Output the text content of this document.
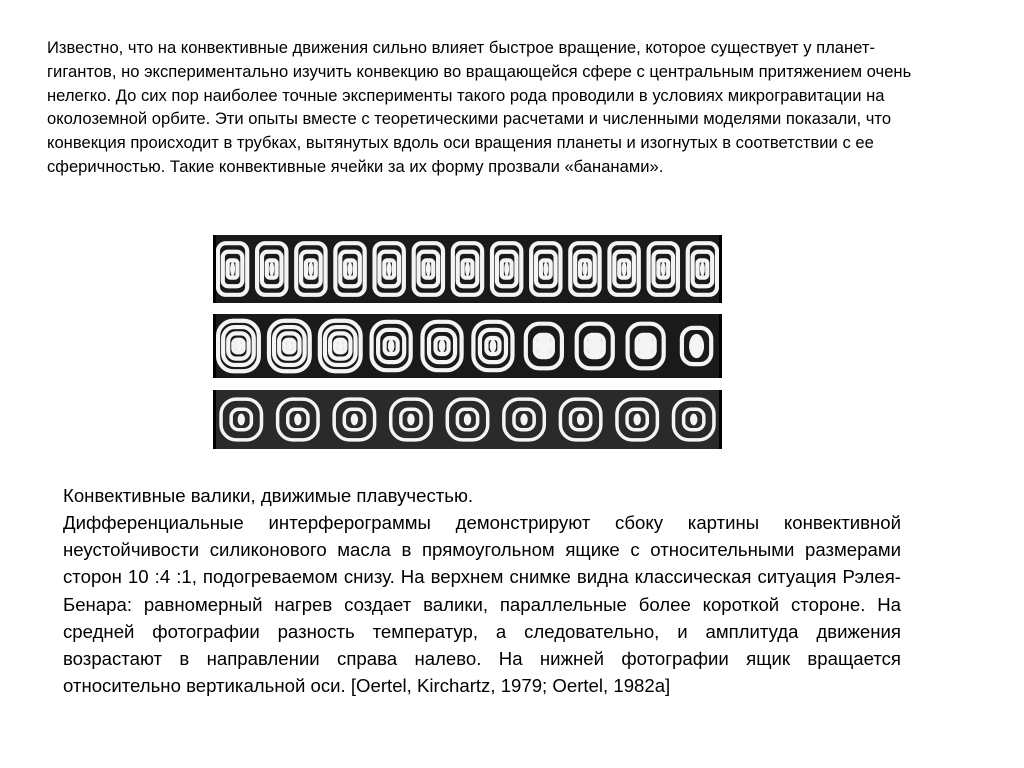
Известно, что на конвективные движения сильно влияет быстрое вращение, которое существует у планет-гигантов, но экспериментально изучить конвекцию во вращающейся сфере с центральным притяжением очень нелегко. До сих пор наиболее точные эксперименты такого рода проводили в условиях микрогравитации на околоземной орбите. Эти опыты вместе с теоретическими расчетами и численными моделями показали, что конвекция происходит в трубках, вытянутых вдоль оси вращения планеты и изогнутых в соответствии с ее сферичностью. Такие конвективные ячейки за их форму прозвали «бананами».

Конвективные валики, движимые плавучестью.

Дифференциальные интерферограммы демонстрируют сбоку картины конвективной неустойчивости силиконового масла в прямоугольном ящике с относительными размерами сторон 10 :4 :1, подогреваемом снизу. На верхнем снимке видна классическая ситуация Рэлея-Бенара: равномерный нагрев создает валики, параллельные более короткой стороне. На средней фотографии разность температур, а следовательно, и амплитуда движения возрастают в направлении справа налево. На нижней фотографии ящик вращается относительно вертикальной оси. [Oertel, Kirchartz, 1979; Oertel, 1982a]
